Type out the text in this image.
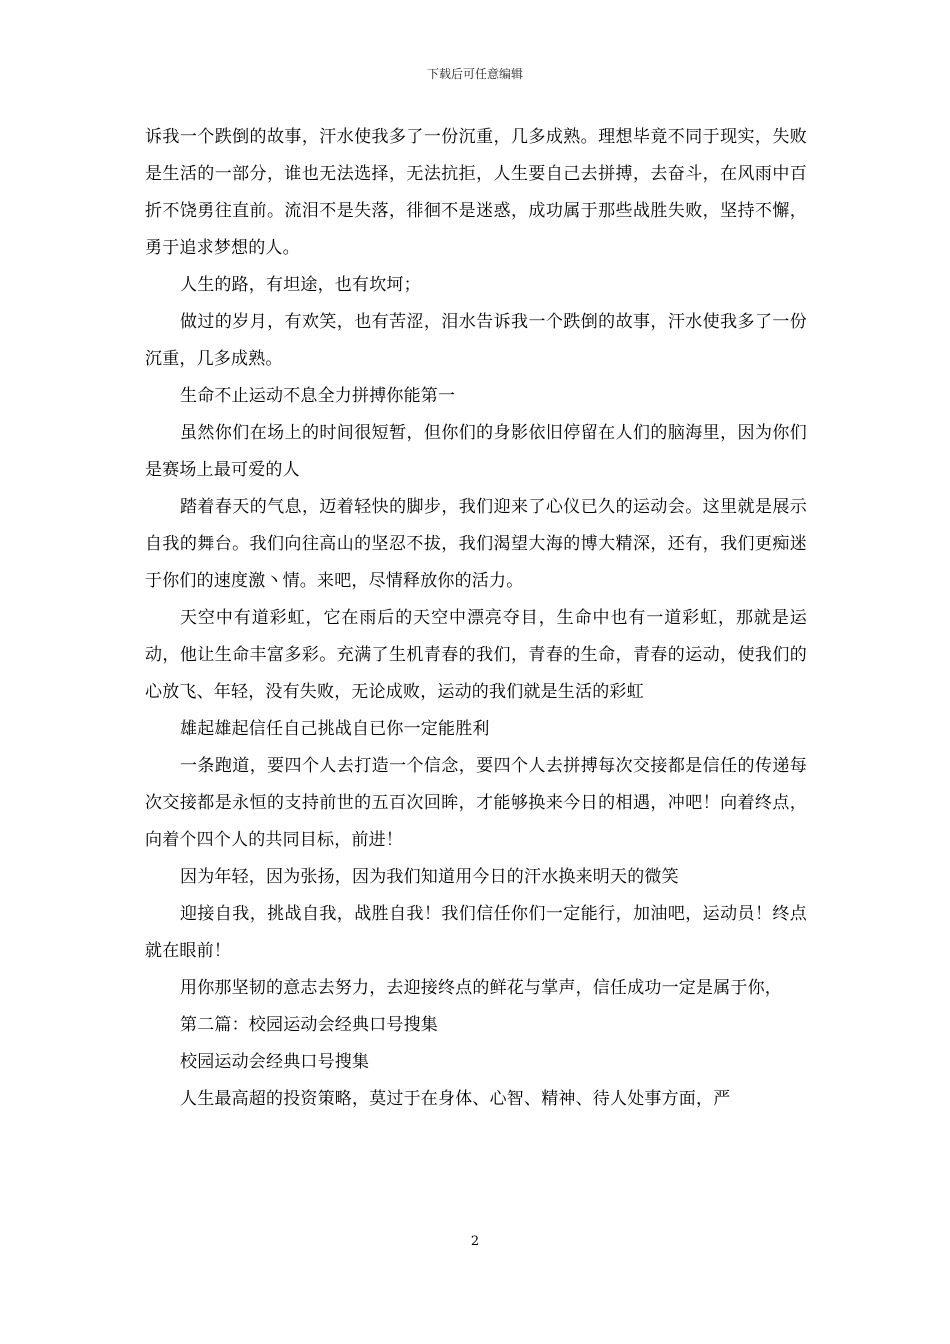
下载后可任意编辑

诉我一个跌倒的故事，汗水使我多了一份沉重，几多成熟。理想毕竟不同于现实，失败是生活的一部分，谁也无法选择，无法抗拒，人生要自己去拼搏，去奋斗，在风雨中百折不饶勇往直前。流泪不是失落，徘徊不是迷惑，成功属于那些战胜失败，坚持不懈，勇于追求梦想的人。

人生的路，有坦途，也有坎坷；

做过的岁月，有欢笑，也有苦涩，泪水告诉我一个跌倒的故事，汗水使我多了一份沉重，几多成熟。

生命不止运动不息全力拼搏你能第一

虽然你们在场上的时间很短暂，但你们的身影依旧停留在人们的脑海里，因为你们是赛场上最可爱的人

踏着春天的气息，迈着轻快的脚步，我们迎来了心仪已久的运动会。这里就是展示自我的舞台。我们向往高山的坚忍不拔，我们渴望大海的博大精深，还有，我们更痴迷于你们的速度激丶情。来吧，尽情释放你的活力。

天空中有道彩虹，它在雨后的天空中漂亮夺目，生命中也有一道彩虹，那就是运动，他让生命丰富多彩。充满了生机青春的我们，青春的生命，青春的运动，使我们的心放飞、年轻，没有失败，无论成败，运动的我们就是生活的彩虹

雄起雄起信任自己挑战自已你一定能胜利

一条跑道，要四个人去打造一个信念，要四个人去拼搏每次交接都是信任的传递每次交接都是永恒的支持前世的五百次回眸，才能够换来今日的相遇，冲吧！向着终点，向着个四个人的共同目标，前进！

因为年轻，因为张扬，因为我们知道用今日的汗水换来明天的微笑

迎接自我，挑战自我，战胜自我！我们信任你们一定能行，加油吧，运动员！终点就在眼前！

用你那坚韧的意志去努力，去迎接终点的鲜花与掌声，信任成功一定是属于你，

第二篇：校园运动会经典口号搜集

校园运动会经典口号搜集

人生最高超的投资策略，莫过于在身体、心智、精神、待人处事方面，严

2
